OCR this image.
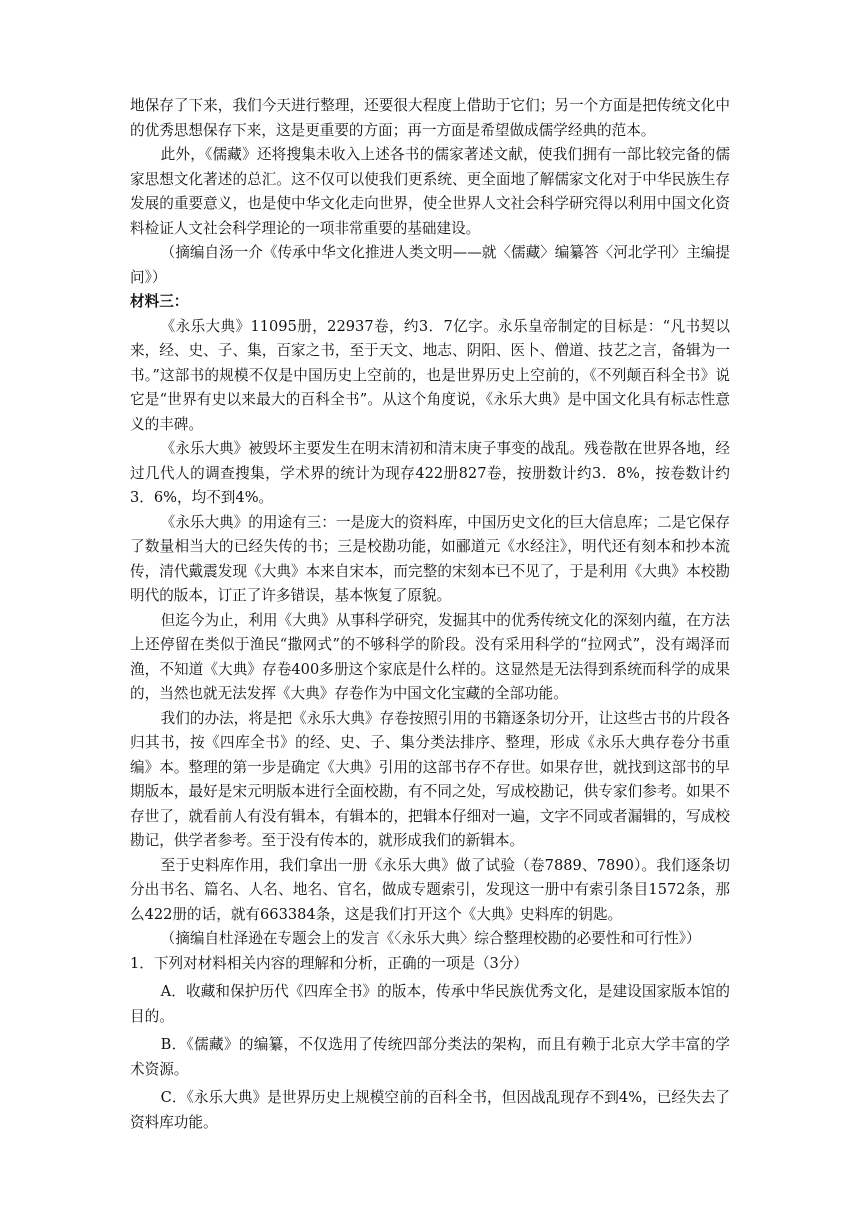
地保存了下来，我们今天进行整理，还要很大程度上借助于它们；另一个方面是把传统文化中的优秀思想保存下来，这是更重要的方面；再一方面是希望做成儒学经典的范本。

此外，《儒藏》还将搜集未收入上述各书的儒家著述文献，使我们拥有一部比较完备的儒家思想文化著述的总汇。这不仅可以使我们更系统、更全面地了解儒家文化对于中华民族生存发展的重要意义，也是使中华文化走向世界，使全世界人文社会科学研究得以利用中国文化资料检证人文社会科学理论的一项非常重要的基础建设。

（摘编自汤一介《传承中华文化推进人类文明——就〈儒藏〉编纂答〈河北学刊〉主编提问》）

材料三：

《永乐大典》11095册，22937卷，约3．7亿字。永乐皇帝制定的目标是：“凡书契以来，经、史、子、集，百家之书，至于天文、地志、阴阳、医卜、僧道、技艺之言，备辑为一书。”这部书的规模不仅是中国历史上空前的，也是世界历史上空前的，《不列颠百科全书》说它是“世界有史以来最大的百科全书”。从这个角度说，《永乐大典》是中国文化具有标志性意义的丰碑。

《永乐大典》被毁坏主要发生在明末清初和清末庚子事变的战乱。残卷散在世界各地，经过几代人的调查搜集，学术界的统计为现存422册827卷，按册数计约3．8%，按卷数计约3．6%，均不到4%。

《永乐大典》的用途有三：一是庞大的资料库，中国历史文化的巨大信息库；二是它保存了数量相当大的已经失传的书；三是校勘功能，如郦道元《水经注》，明代还有刻本和抄本流传，清代戴震发现《大典》本来自宋本，而完整的宋刻本已不见了，于是利用《大典》本校勘明代的版本，订正了许多错误，基本恢复了原貌。

但迄今为止，利用《大典》从事科学研究，发掘其中的优秀传统文化的深刻内蕴，在方法上还停留在类似于渔民“撒网式”的不够科学的阶段。没有采用科学的“拉网式”，没有竭泽而渔，不知道《大典》存卷400多册这个家底是什么样的。这显然是无法得到系统而科学的成果的，当然也就无法发挥《大典》存卷作为中国文化宝藏的全部功能。

我们的办法，将是把《永乐大典》存卷按照引用的书籍逐条切分开，让这些古书的片段各归其书，按《四库全书》的经、史、子、集分类法排序、整理，形成《永乐大典存卷分书重编》本。整理的第一步是确定《大典》引用的这部书存不存世。如果存世，就找到这部书的早期版本，最好是宋元明版本进行全面校勘，有不同之处，写成校勘记，供专家们参考。如果不存世了，就看前人有没有辑本，有辑本的，把辑本仔细对一遍，文字不同或者漏辑的，写成校勘记，供学者参考。至于没有传本的，就形成我们的新辑本。

至于史料库作用，我们拿出一册《永乐大典》做了试验（卷7889、7890）。我们逐条切分出书名、篇名、人名、地名、官名，做成专题索引，发现这一册中有索引条目1572条，那么422册的话，就有663384条，这是我们打开这个《大典》史料库的钥匙。

（摘编自杜泽逊在专题会上的发言《〈永乐大典〉综合整理校勘的必要性和可行性》）

1．下列对材料相关内容的理解和分析，正确的一项是（3分）

A．收藏和保护历代《四库全书》的版本，传承中华民族优秀文化，是建设国家版本馆的目的。

B．《儒藏》的编纂，不仅选用了传统四部分类法的架构，而且有赖于北京大学丰富的学术资源。

C．《永乐大典》是世界历史上规模空前的百科全书，但因战乱现存不到4%，已经失去了资料库功能。
